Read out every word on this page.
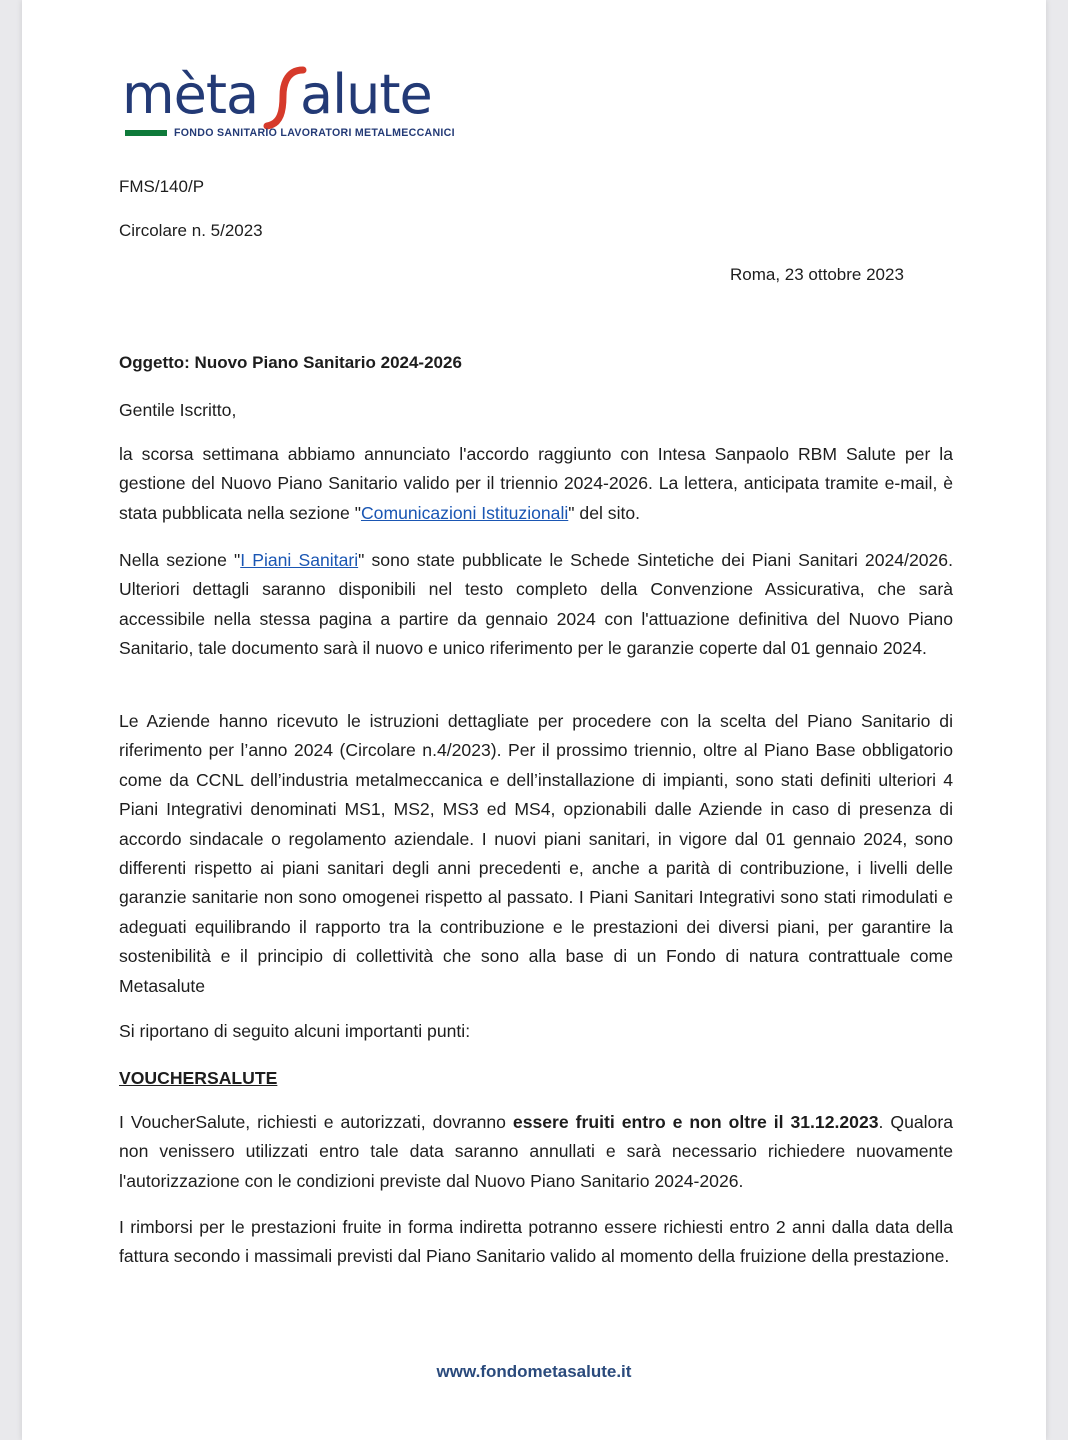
mèta alute
FONDO SANITARIO LAVORATORI METALMECCANICI
FMS/140/P
Circolare n. 5/2023
Roma, 23 ottobre 2023
Oggetto: Nuovo Piano Sanitario 2024-2026
Gentile Iscritto,

la scorsa settimana abbiamo annunciato l'accordo raggiunto con Intesa Sanpaolo RBM Salute per la gestione del Nuovo Piano Sanitario valido per il triennio 2024-2026. La lettera, anticipata tramite e-mail, è stata pubblicata nella sezione "Comunicazioni Istituzionali" del sito.

Nella sezione "I Piani Sanitari" sono state pubblicate le Schede Sintetiche dei Piani Sanitari 2024/2026. Ulteriori dettagli saranno disponibili nel testo completo della Convenzione Assicurativa, che sarà accessibile nella stessa pagina a partire da gennaio 2024 con l'attuazione definitiva del Nuovo Piano Sanitario, tale documento sarà il nuovo e unico riferimento per le garanzie coperte dal 01 gennaio 2024.

Le Aziende hanno ricevuto le istruzioni dettagliate per procedere con la scelta del Piano Sanitario di riferimento per l’anno 2024 (Circolare n.4/2023). Per il prossimo triennio, oltre al Piano Base obbligatorio come da CCNL dell’industria metalmeccanica e dell’installazione di impianti, sono stati definiti ulteriori 4 Piani Integrativi denominati MS1, MS2, MS3 ed MS4, opzionabili dalle Aziende in caso di presenza di accordo sindacale o regolamento aziendale. I nuovi piani sanitari, in vigore dal 01 gennaio 2024, sono differenti rispetto ai piani sanitari degli anni precedenti e, anche a parità di contribuzione, i livelli delle garanzie sanitarie non sono omogenei rispetto al passato. I Piani Sanitari Integrativi sono stati rimodulati e adeguati equilibrando il rapporto tra la contribuzione e le prestazioni dei diversi piani, per garantire la sostenibilità e il principio di collettività che sono alla base di un Fondo di natura contrattuale come Metasalute

Si riportano di seguito alcuni importanti punti:

VOUCHERSALUTE

I VoucherSalute, richiesti e autorizzati, dovranno essere fruiti entro e non oltre il 31.12.2023. Qualora non venissero utilizzati entro tale data saranno annullati e sarà necessario richiedere nuovamente l'autorizzazione con le condizioni previste dal Nuovo Piano Sanitario 2024-2026.

I rimborsi per le prestazioni fruite in forma indiretta potranno essere richiesti entro 2 anni dalla data della fattura secondo i massimali previsti dal Piano Sanitario valido al momento della fruizione della prestazione.

www.fondometasalute.it
